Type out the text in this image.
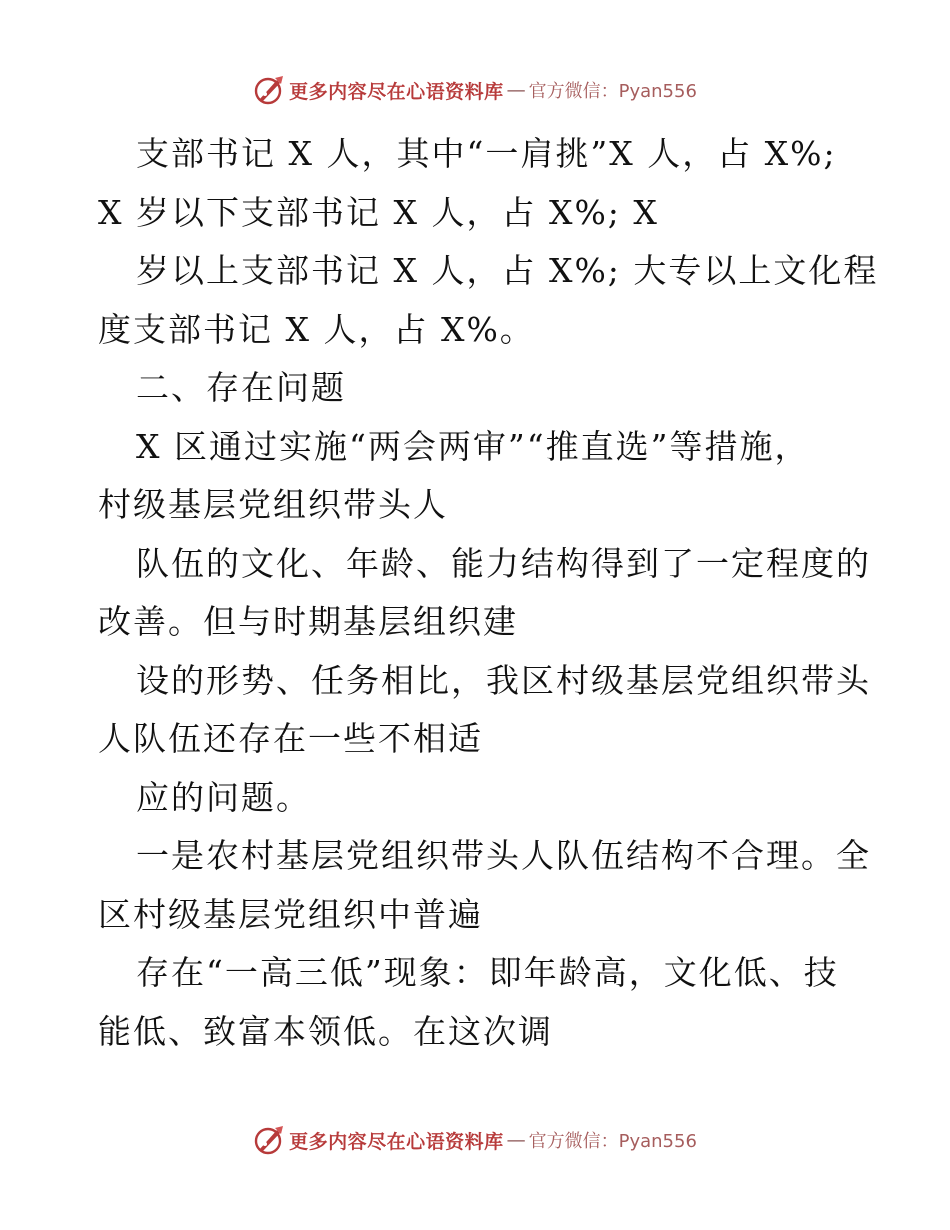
更多内容尽在心语资料库 — 官方微信：Pyan556
支部书记 X 人，其中“一肩挑”X 人，占 X%;
X 岁以下支部书记 X 人，占 X%; X
岁以上支部书记 X 人，占 X%; 大专以上文化程
度支部书记 X 人，占 X%。
二、存在问题
X 区通过实施“两会两审”“推直选”等措施，
村级基层党组织带头人
队伍的文化、年龄、能力结构得到了一定程度的
改善。但与时期基层组织建
设的形势、任务相比，我区村级基层党组织带头
人队伍还存在一些不相适
应的问题。
一是农村基层党组织带头人队伍结构不合理。全
区村级基层党组织中普遍
存在“一高三低”现象：即年龄高，文化低、技
能低、致富本领低。在这次调
更多内容尽在心语资料库 — 官方微信：Pyan556
